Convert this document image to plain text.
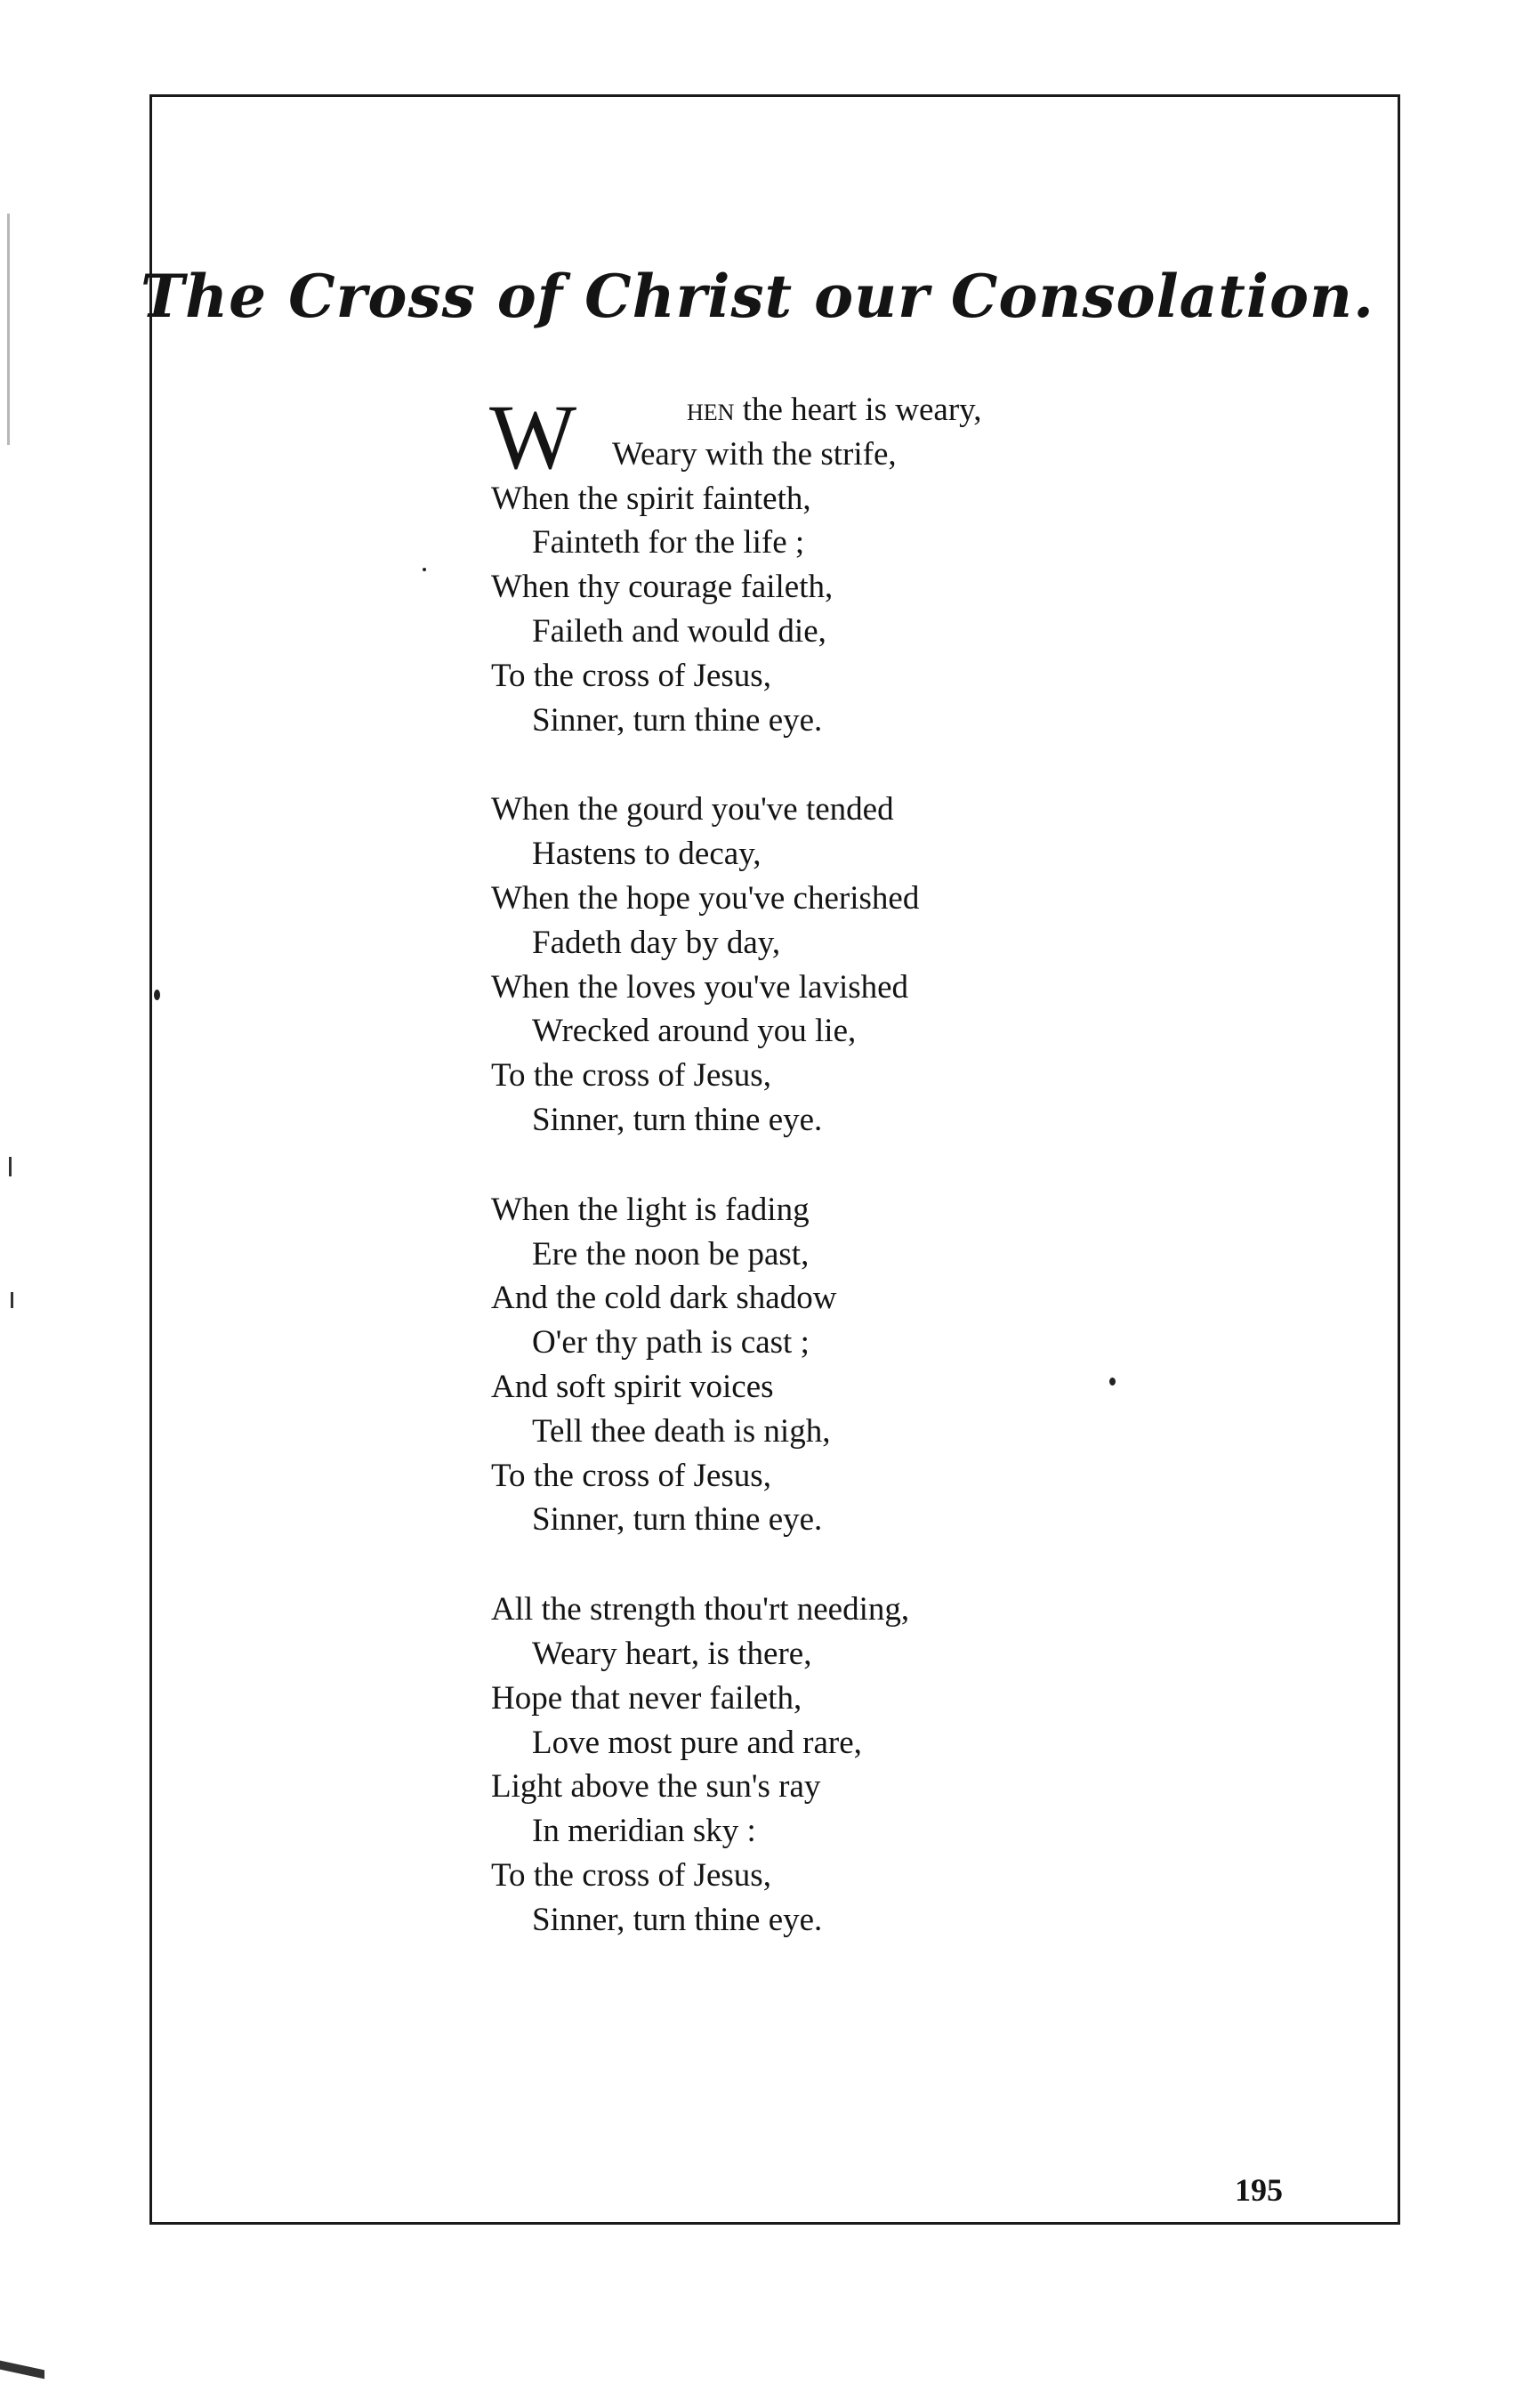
The Cross of Christ our Consolation.
W	hen the heart is weary,
Weary with the strife,
When the spirit fainteth,
Fainteth for the life ;
When thy courage faileth,
Faileth and would die,
To the cross of Jesus,
Sinner, turn thine eye.
When the gourd you've tended
Hastens to decay,
When the hope you've cherished
Fadeth day by day,
When the loves you've lavished
Wrecked around you lie,
To the cross of Jesus,
Sinner, turn thine eye.
When the light is fading
Ere the noon be past,
And the cold dark shadow
O'er thy path is cast ;
And soft spirit voices
Tell thee death is nigh,
To the cross of Jesus,
Sinner, turn thine eye.
All the strength thou'rt needing,
Weary heart, is there,
Hope that never faileth,
Love most pure and rare,
Light above the sun's ray
In meridian sky :
To the cross of Jesus,
Sinner, turn thine eye.
195
